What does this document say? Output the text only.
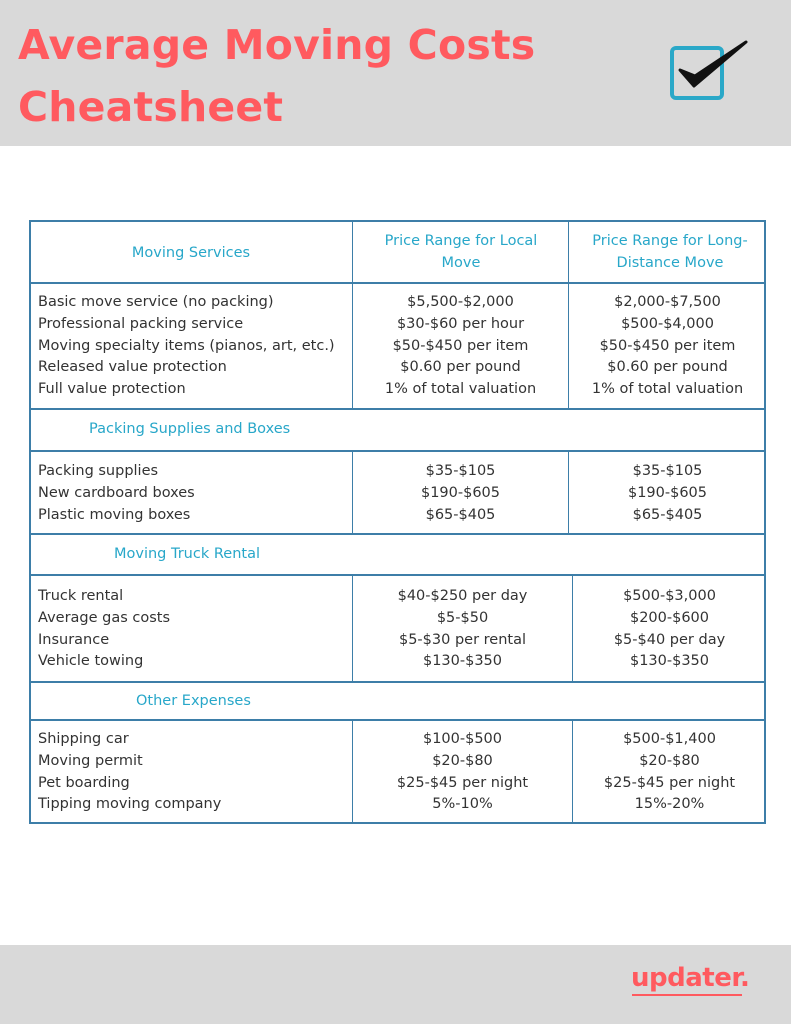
Average Moving Costs
Cheatsheet
Moving Services
Price Range for Local Move
Price Range for Long-Distance Move
Basic move service (no packing)
Professional packing service
Moving specialty items (pianos, art, etc.)
Released value protection
Full value protection
$5,500-$2,000
$30-$60 per hour
$50-$450 per item
$0.60 per pound
1% of total valuation
$2,000-$7,500
$500-$4,000
$50-$450 per item
$0.60 per pound
1% of total valuation
Packing Supplies and Boxes
Packing supplies
New cardboard boxes
Plastic moving boxes
$35-$105
$190-$605
$65-$405
$35-$105
$190-$605
$65-$405
Moving Truck Rental
Truck rental
Average gas costs
Insurance
Vehicle towing
$40-$250 per day
$5-$50
$5-$30 per rental
$130-$350
$500-$3,000
$200-$600
$5-$40 per day
$130-$350
Other Expenses
Shipping car
Moving permit
Pet boarding
Tipping moving company
$100-$500
$20-$80
$25-$45 per night
5%-10%
$500-$1,400
$20-$80
$25-$45 per night
15%-20%
updater.
